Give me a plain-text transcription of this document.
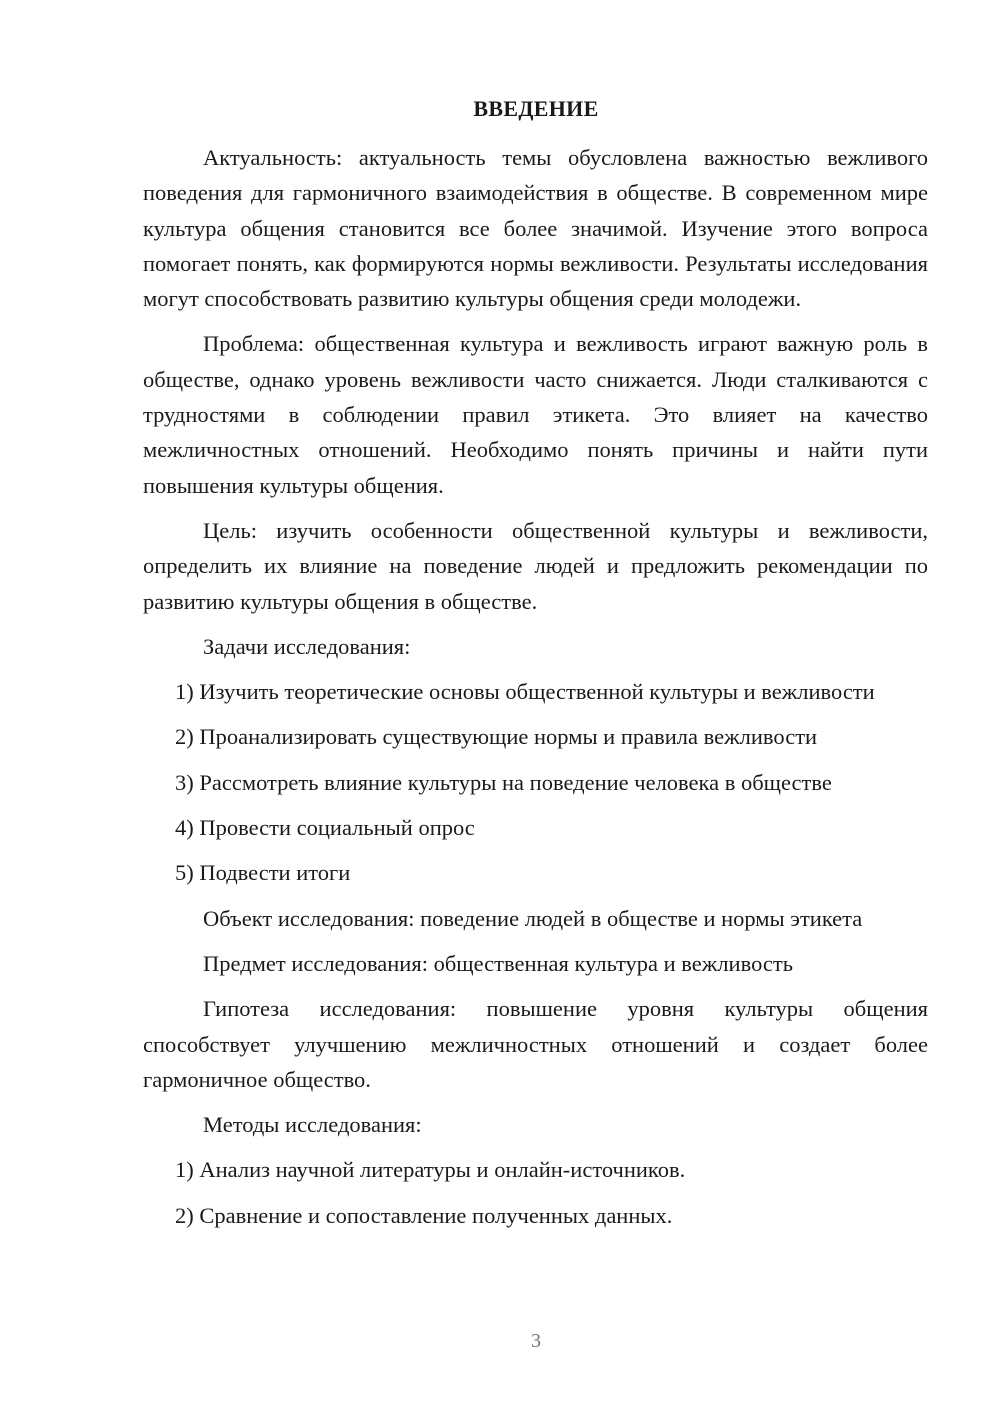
ВВЕДЕНИЕ

Актуальность: актуальность темы обусловлена важностью вежливого поведения для гармоничного взаимодействия в обществе. В современном мире культура общения становится все более значимой. Изучение этого вопроса помогает понять, как формируются нормы вежливости. Результаты исследования могут способствовать развитию культуры общения среди молодежи.

Проблема: общественная культура и вежливость играют важную роль в обществе, однако уровень вежливости часто снижается. Люди сталкиваются с трудностями в соблюдении правил этикета. Это влияет на качество межличностных отношений. Необходимо понять причины и найти пути повышения культуры общения.

Цель: изучить особенности общественной культуры и вежливости, определить их влияние на поведение людей и предложить рекомендации по развитию культуры общения в обществе.

Задачи исследования:

1) Изучить теоретические основы общественной культуры и вежливости

2) Проанализировать существующие нормы и правила вежливости

3) Рассмотреть влияние культуры на поведение человека в обществе

4) Провести социальный опрос

5) Подвести итоги

Объект исследования: поведение людей в обществе и нормы этикета

Предмет исследования: общественная культура и вежливость

Гипотеза исследования: повышение уровня культуры общения способствует улучшению межличностных отношений и создает более гармоничное общество.

Методы исследования:

1) Анализ научной литературы и онлайн-источников.

2) Сравнение и сопоставление полученных данных.

3
